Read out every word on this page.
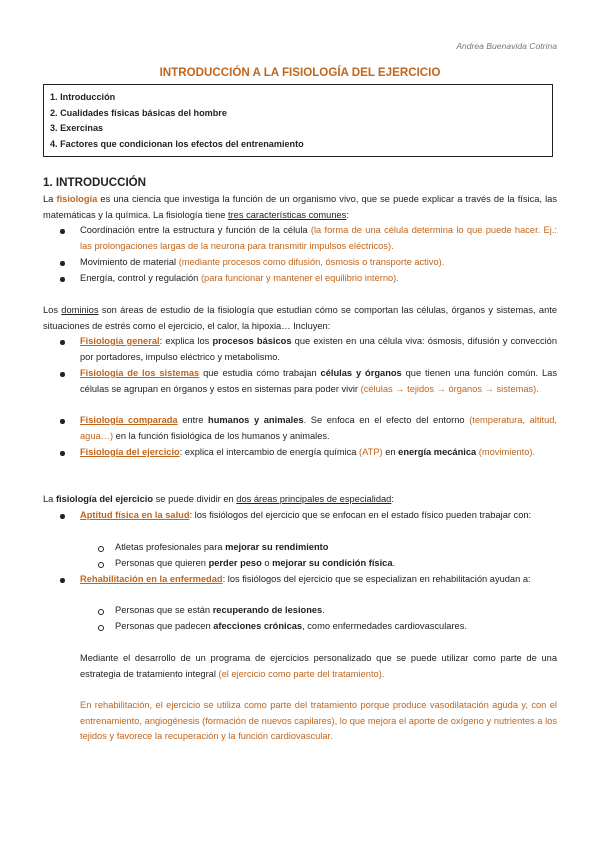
Andrea Buenavida Cotrina
INTRODUCCIÓN A LA FISIOLOGÍA DEL EJERCICIO
1. Introducción
2. Cualidades físicas básicas del hombre
3. Exercinas
4. Factores que condicionan los efectos del entrenamiento
1. INTRODUCCIÓN
La fisiología es una ciencia que investiga la función de un organismo vivo, que se puede explicar a través de la física, las matemáticas y la química. La fisiología tiene tres características comunes:
Coordinación entre la estructura y función de la célula (la forma de una célula determina lo que puede hacer. Ej.: las prolongaciones largas de la neurona para transmitir impulsos eléctricos).
Movimiento de material (mediante procesos como difusión, ósmosis o transporte activo).
Energía, control y regulación (para funcionar y mantener el equilibrio interno).
Los dominios son áreas de estudio de la fisiología que estudian cómo se comportan las células, órganos y sistemas, ante situaciones de estrés como el ejercicio, el calor, la hipoxia… Incluyen:
Fisiología general: explica los procesos básicos que existen en una célula viva: ósmosis, difusión y convección por portadores, impulso eléctrico y metabolismo.
Fisiología de los sistemas que estudia cómo trabajan células y órganos que tienen una función común. Las células se agrupan en órganos y estos en sistemas para poder vivir (células → tejidos → órganos → sistemas).
Fisiología comparada entre humanos y animales. Se enfoca en el efecto del entorno (temperatura, altitud, agua…) en la función fisiológica de los humanos y animales.
Fisiología del ejercicio: explica el intercambio de energía química (ATP) en energía mecánica (movimiento).
La fisiología del ejercicio se puede dividir en dos áreas principales de especialidad:
Aptitud física en la salud: los fisiólogos del ejercicio que se enfocan en el estado físico pueden trabajar con:
Atletas profesionales para mejorar su rendimiento
Personas que quieren perder peso o mejorar su condición física.
Rehabilitación en la enfermedad: los fisiólogos del ejercicio que se especializan en rehabilitación ayudan a:
Personas que se están recuperando de lesiones.
Personas que padecen afecciones crónicas, como enfermedades cardiovasculares.
Mediante el desarrollo de un programa de ejercicios personalizado que se puede utilizar como parte de una estrategia de tratamiento integral (el ejercicio como parte del tratamiento).
En rehabilitación, el ejercicio se utiliza como parte del tratamiento porque produce vasodilatación aguda y, con el entrenamiento, angiogénesis (formación de nuevos capilares), lo que mejora el aporte de oxígeno y nutrientes a los tejidos y favorece la recuperación y la función cardiovascular.
